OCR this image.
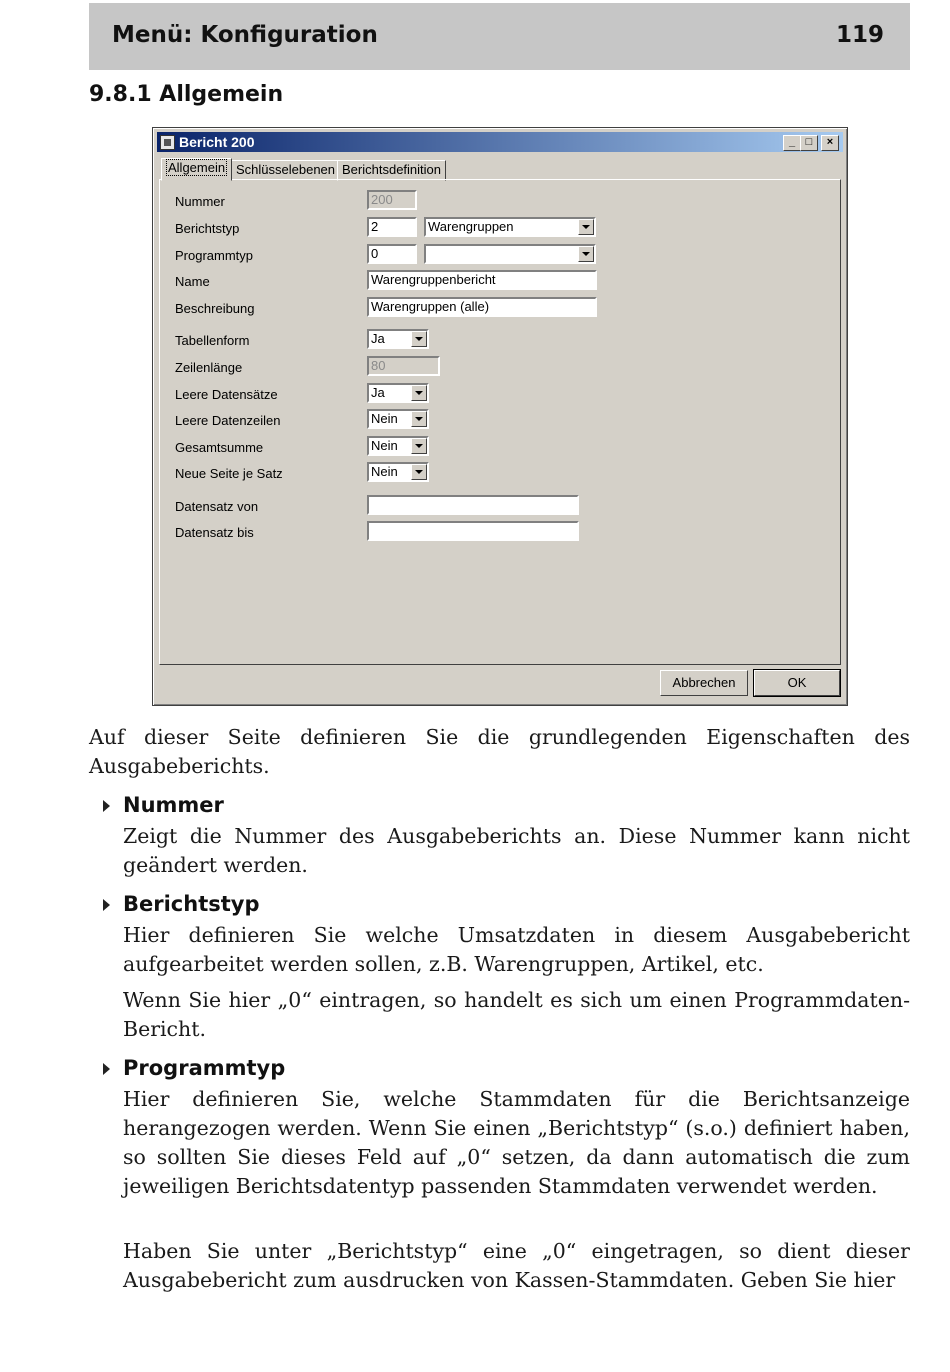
Menü: Konfiguration	119
9.8.1 Allgemein
Bericht 200	_ □	×
Allgemein Schlüsselebenen Berichtsdefinition
Nummer	200
Berichtstyp	2	Warengruppen
Programmtyp	0
Name	Warengruppenbericht
Beschreibung	Warengruppen (alle)
Tabellenform	Ja
Zeilenlänge	80
Leere Datensätze	Ja
Leere Datenzeilen	Nein
Gesamtsumme	Nein
Neue Seite je Satz	Nein
Datensatz von
Datensatz bis
Abbrechen	OK
Auf dieser Seite definieren Sie die grundlegenden Eigenschaften des Ausgabeberichts.
Nummer
Zeigt die Nummer des Ausgabeberichts an. Diese Nummer kann nicht geändert werden.
Berichtstyp
Hier definieren Sie welche Umsatzdaten in diesem Ausgabebericht aufgearbeitet werden sollen, z.B. Warengruppen, Artikel, etc.
Wenn Sie hier „0“ eintragen, so handelt es sich um einen Programmdaten-Bericht.
Programmtyp
Hier definieren Sie, welche Stammdaten für die Berichtsanzeige herangezogen werden. Wenn Sie einen „Berichtstyp“ (s.o.) definiert haben, so sollten Sie dieses Feld auf „0“ setzen, da dann automatisch die zum jeweiligen Berichtsdatentyp passenden Stammdaten verwendet werden.
Haben Sie unter „Berichtstyp“ eine „0“ eingetragen, so dient dieser Ausgabebericht zum ausdrucken von Kassen-Stammdaten. Geben Sie hier
